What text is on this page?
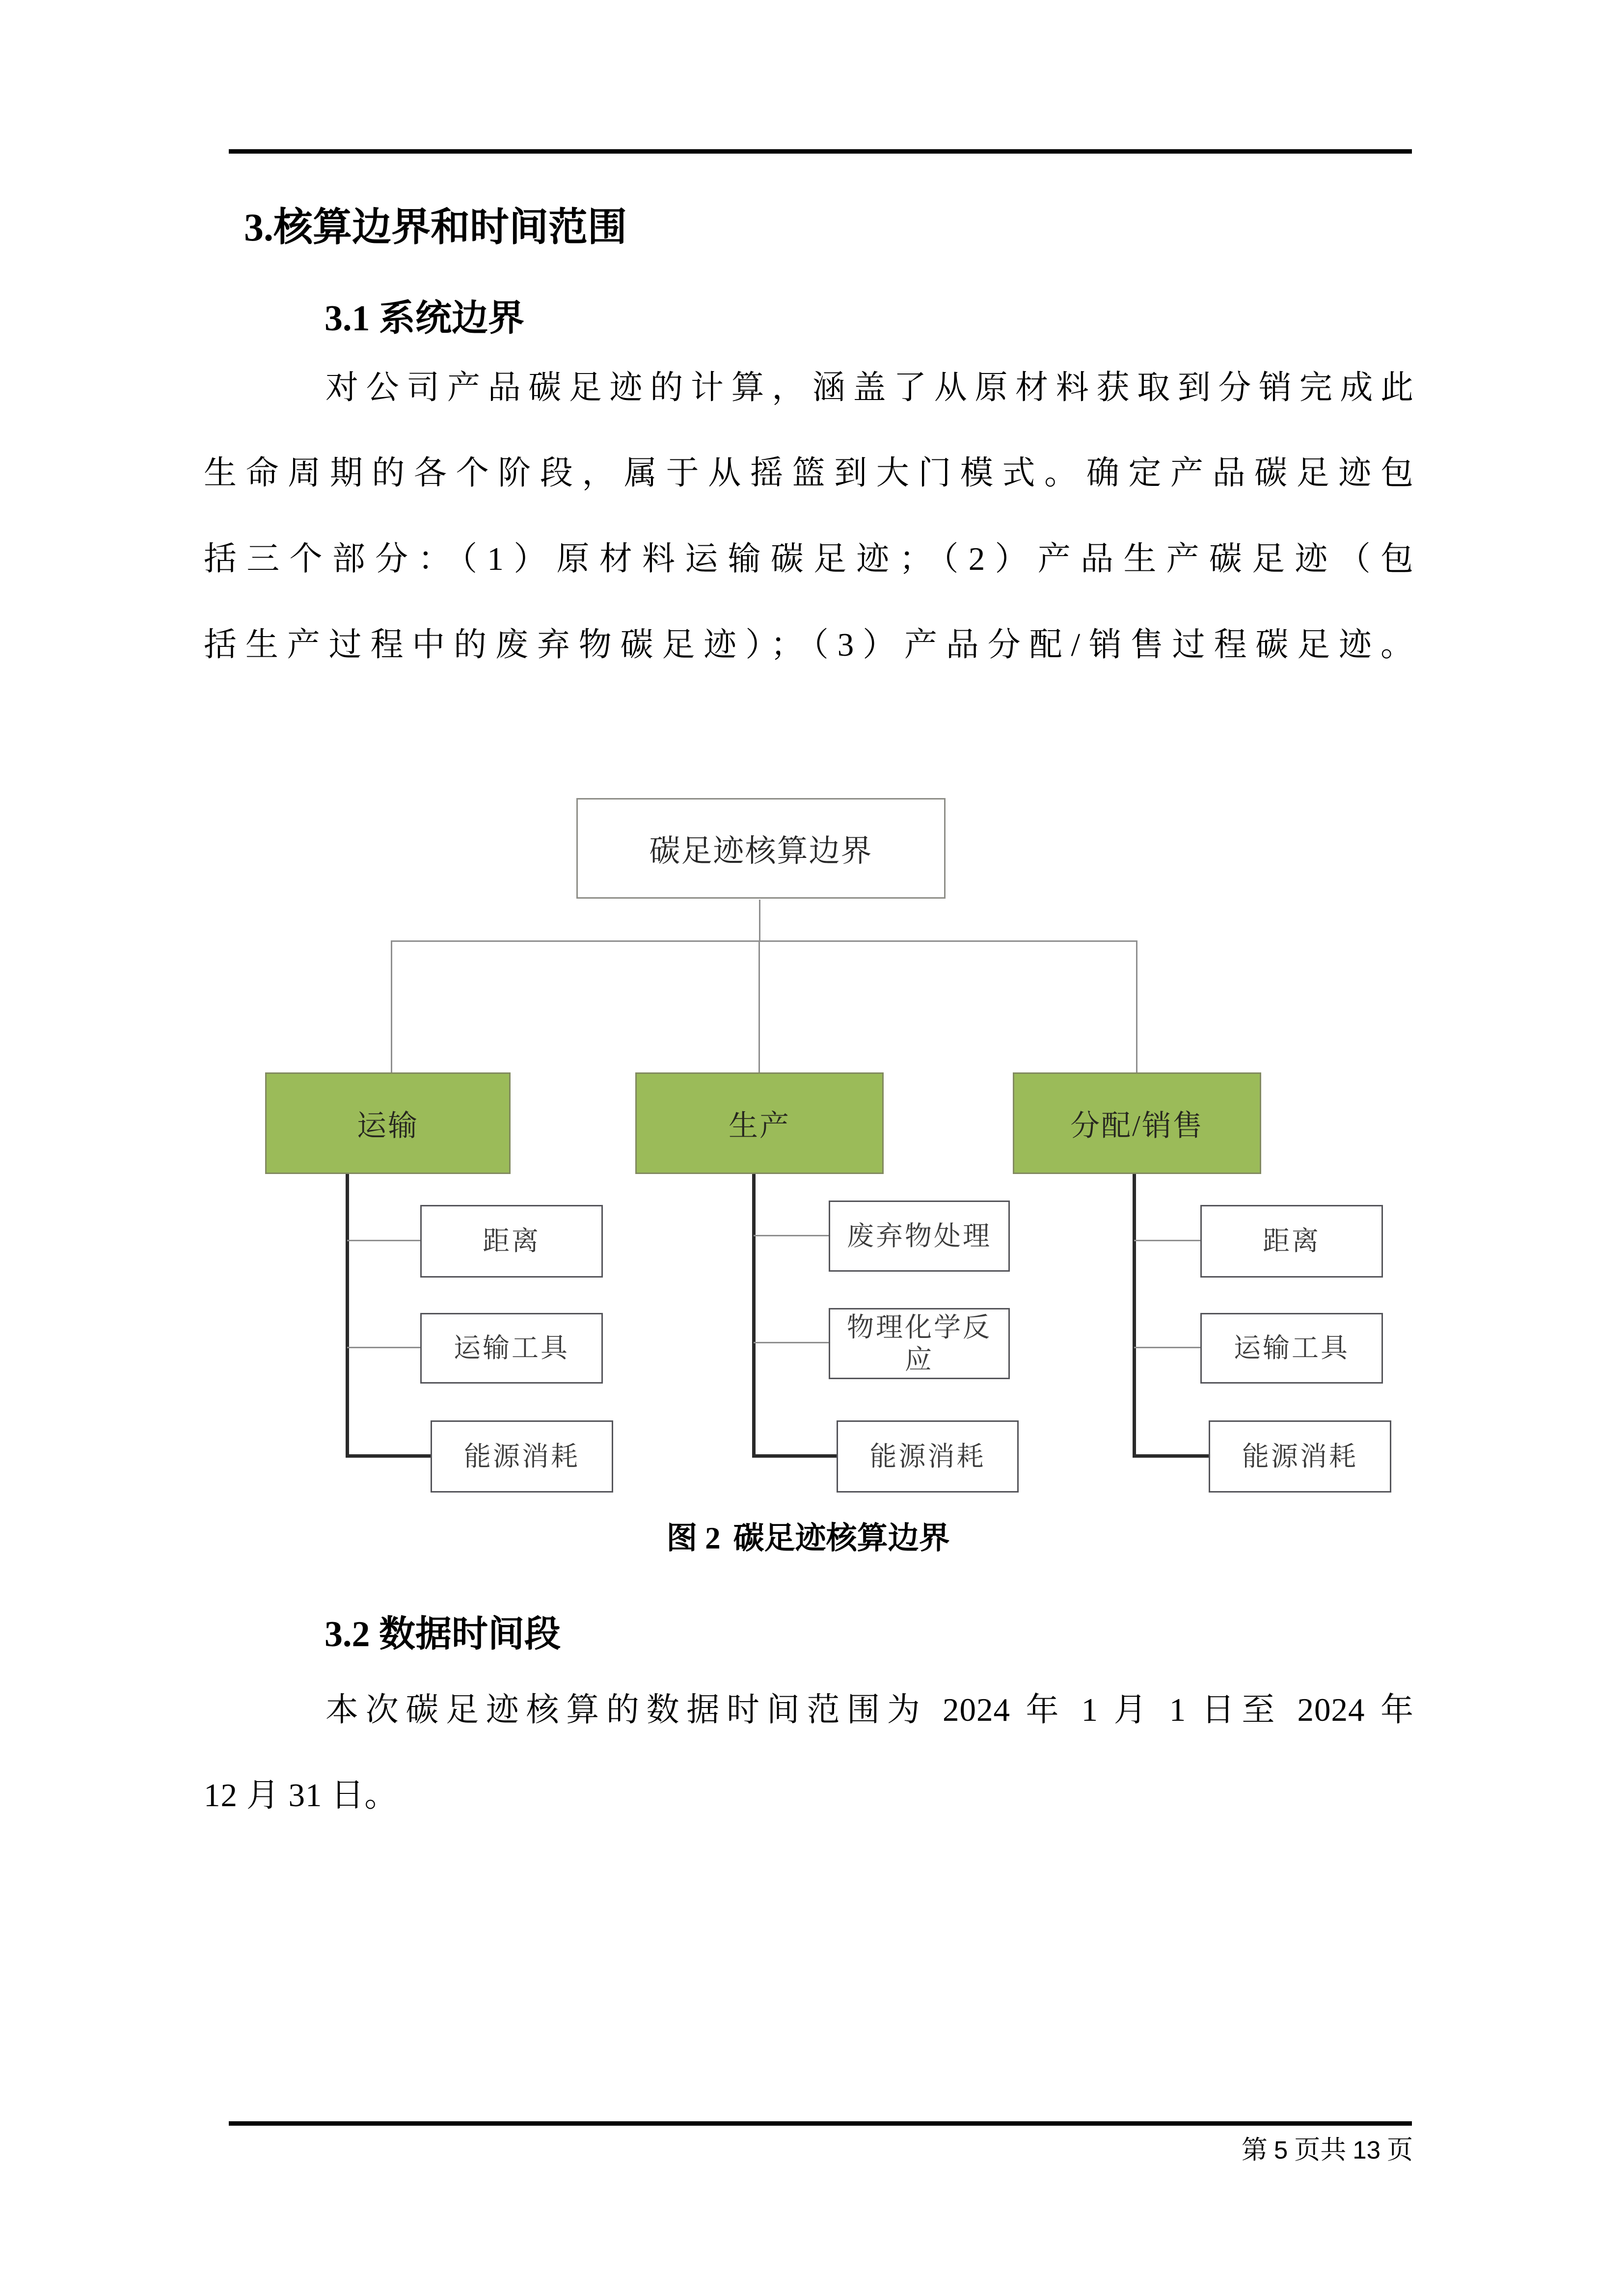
3.核算边界和时间范围
3.1 系统边界
对公司产品碳足迹的计算，涵盖了从原材料获取到分销完成此
生命周期的各个阶段，属于从摇篮到大门模式。确定产品碳足迹包
括三个部分：（1）原材料运输碳足迹；（2）产品生产碳足迹（包
括生产过程中的废弃物碳足迹）；（3）产品分配/销售过程碳足迹。
碳足迹核算边界
运输	生产	分配/销售
距离
运输工具
能源消耗
废弃物处理
物理化学反应
能源消耗
距离
运输工具
能源消耗
图 2 碳足迹核算边界
3.2 数据时间段
本次碳足迹核算的数据时间范围为 2024 年 1 月 1 日至 2024 年
12 月 31 日。
第 5 页共 13 页
